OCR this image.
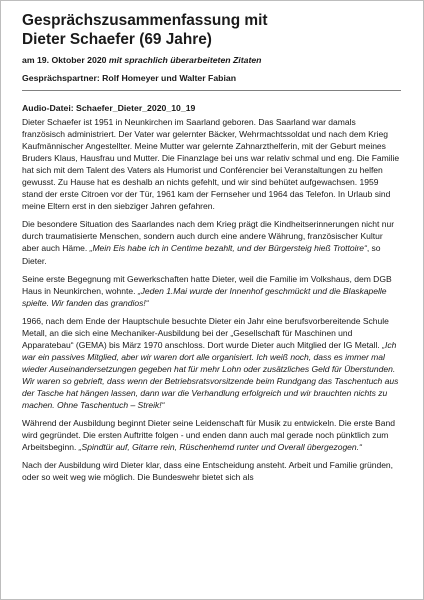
Gesprächszusammenfassung mit
Dieter Schaefer (69 Jahre)
am 19. Oktober 2020 mit sprachlich überarbeiteten Zitaten
Gesprächspartner: Rolf Homeyer und Walter Fabian
Audio-Datei: Schaefer_Dieter_2020_10_19

Dieter Schaefer ist 1951 in Neunkirchen im Saarland geboren. Das Saarland war damals französisch administriert. Der Vater war gelernter Bäcker, Wehrmachtssoldat und nach dem Krieg Kaufmännischer Angestellter. Meine Mutter war gelernte Zahnarzthelferin, mit der Geburt meines Bruders Klaus, Hausfrau und Mutter. Die Finanzlage bei uns war relativ schmal und eng. Die Familie hat sich mit dem Talent des Vaters als Humorist und Conférencier bei Veranstaltungen zu helfen gewusst. Zu Hause hat es deshalb an nichts gefehlt, und wir sind behütet aufgewachsen. 1959 stand der erste Citroen vor der Tür, 1961 kam der Fernseher und 1964 das Telefon. In Urlaub sind meine Eltern erst in den siebziger Jahren gefahren.

Die besondere Situation des Saarlandes nach dem Krieg prägt die Kindheitserinnerungen nicht nur durch traumatisierte Menschen, sondern auch durch eine andere Währung, französischer Kultur aber auch Häme. „Mein Eis habe ich in Centime bezahlt, und der Bürgersteig hieß Trottoire“, so Dieter.

Seine erste Begegnung mit Gewerkschaften hatte Dieter, weil die Familie im Volkshaus, dem DGB Haus in Neunkirchen, wohnte. „Jeden 1.Mai wurde der Innenhof geschmückt und die Blaskapelle spielte. Wir fanden das grandios!“

1966, nach dem Ende der Hauptschule besuchte Dieter ein Jahr eine berufsvorbereitende Schule Metall, an die sich eine Mechaniker-Ausbildung bei der „Gesellschaft für Maschinen und Apparatebau“ (GEMA) bis März 1970 anschloss. Dort wurde Dieter auch Mitglied der IG Metall. „Ich war ein passives Mitglied, aber wir waren dort alle organisiert. Ich weiß noch, dass es immer mal wieder Auseinandersetzungen gegeben hat für mehr Lohn oder zusätzliches Geld für Überstunden. Wir waren so gebrieft, dass wenn der Betriebsratsvorsitzende beim Rundgang das Taschentuch aus der Tasche hat hängen lassen, dann war die Verhandlung erfolgreich und wir brauchten nichts zu machen. Ohne Taschentuch – Streik!“

Während der Ausbildung beginnt Dieter seine Leidenschaft für Musik zu entwickeln. Die erste Band wird gegründet. Die ersten Auftritte folgen - und enden dann auch mal gerade noch pünktlich zum Arbeitsbeginn. „Spindtür auf, Gitarre rein, Rüschenhemd runter und Overall übergezogen.“

Nach der Ausbildung wird Dieter klar, dass eine Entscheidung ansteht. Arbeit und Familie gründen, oder so weit weg wie möglich. Die Bundeswehr bietet sich als
